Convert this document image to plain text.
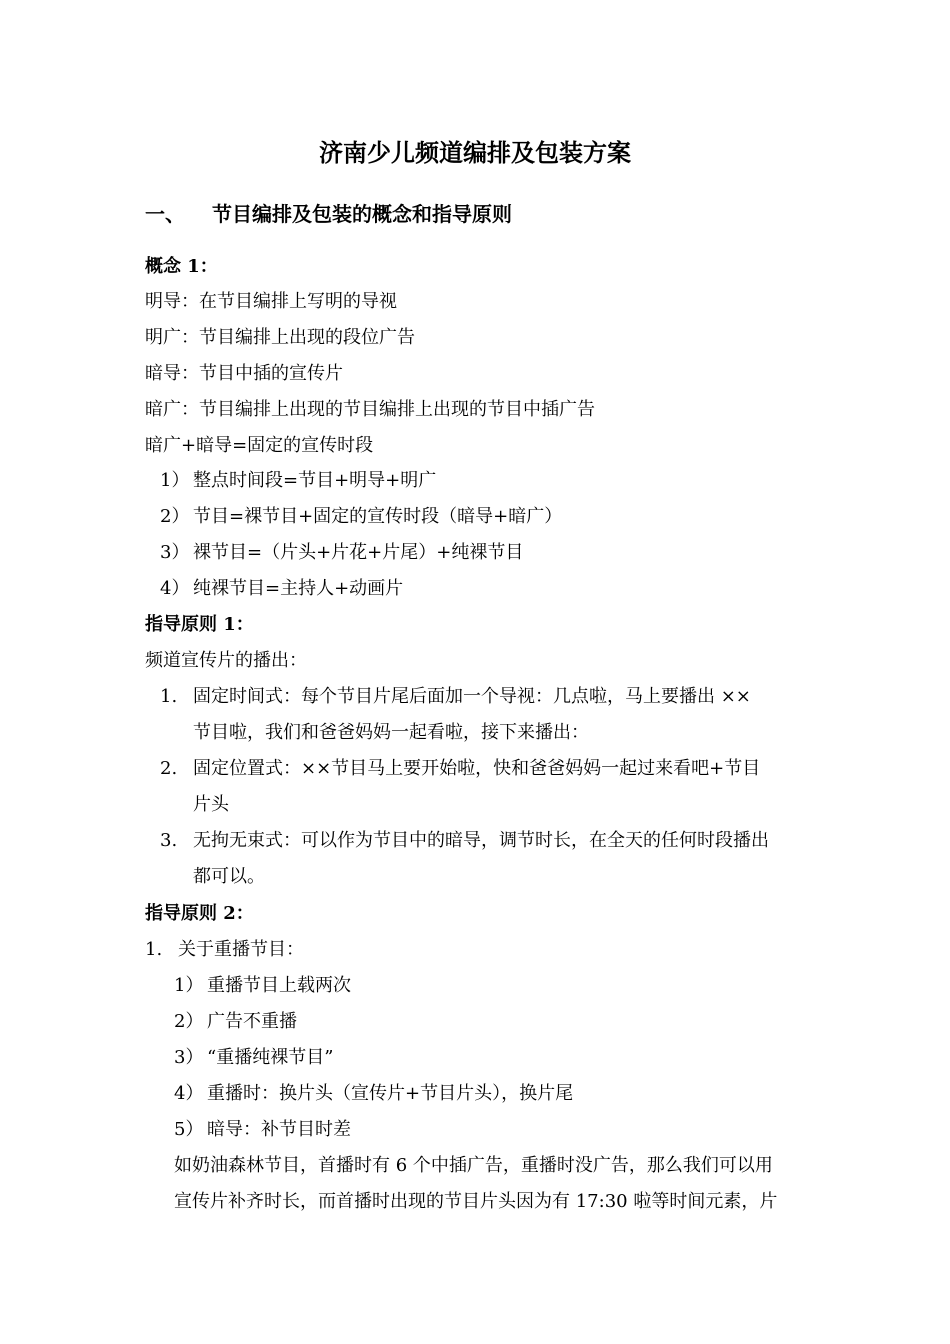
济南少儿频道编排及包装方案
一、 节目编排及包装的概念和指导原则
概念 1：
明导：在节目编排上写明的导视
明广：节目编排上出现的段位广告
暗导：节目中插的宣传片
暗广：节目编排上出现的节目编排上出现的节目中插广告
暗广+暗导=固定的宣传时段
1） 整点时间段=节目+明导+明广
2） 节目=裸节目+固定的宣传时段（暗导+暗广）
3） 裸节目=（片头+片花+片尾）+纯裸节目
4） 纯裸节目=主持人+动画片
指导原则 1：
频道宣传片的播出：
1. 固定时间式：每个节目片尾后面加一个导视：几点啦，马上要播出 ××
节目啦，我们和爸爸妈妈一起看啦，接下来播出：
2. 固定位置式：××节目马上要开始啦，快和爸爸妈妈一起过来看吧+节目
片头
3. 无拘无束式：可以作为节目中的暗导，调节时长，在全天的任何时段播出
都可以。
指导原则 2：
1. 关于重播节目：
1） 重播节目上载两次
2） 广告不重播
3） “重播纯裸节目”
4） 重播时：换片头（宣传片+节目片头），换片尾
5） 暗导：补节目时差
如奶油森林节目，首播时有 6 个中插广告，重播时没广告，那么我们可以用
宣传片补齐时长，而首播时出现的节目片头因为有 17:30 啦等时间元素，片
